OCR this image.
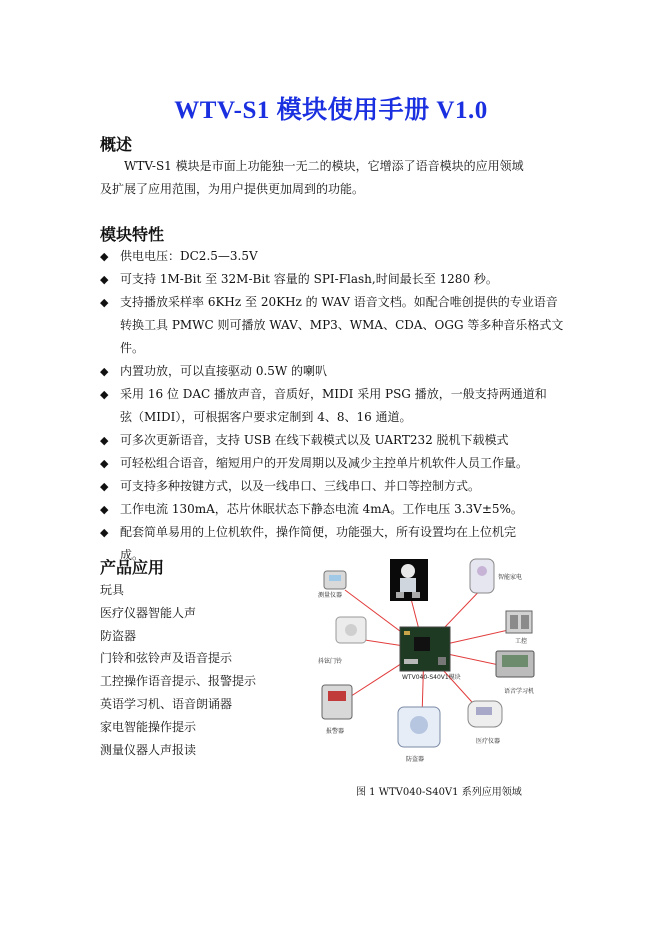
WTV-S1 模块使用手册 V1.0
概述
WTV-S1 模块是市面上功能独一无二的模块，它增添了语音模块的应用领域
及扩展了应用范围，为用户提供更加周到的功能。
模块特性
◆ 供电电压：DC2.5—3.5V
◆ 可支持 1M-Bit 至 32M-Bit 容量的 SPI-Flash,时间最长至 1280 秒。
◆ 支持播放采样率 6KHz 至 20KHz 的 WAV 语音文档。如配合唯创提供的专业语音
转换工具 PMWC 则可播放 WAV、MP3、WMA、CDA、OGG 等多种音乐格式文件。
◆ 内置功放，可以直接驱动 0.5W 的喇叭
◆ 采用 16 位 DAC 播放声音，音质好，MIDI 采用 PSG 播放，一般支持两通道和
弦（MIDI），可根据客户要求定制到 4、8、16 通道。
◆ 可多次更新语音，支持 USB 在线下载模式以及 UART232 脱机下载模式
◆ 可轻松组合语音，缩短用户的开发周期以及减少主控单片机软件人员工作量。
◆ 可支持多种按键方式，以及一线串口、三线串口、并口等控制方式。
◆ 工作电流 130mA，芯片休眠状态下静态电流 4mA。工作电压 3.3V±5%。
◆ 配套简单易用的上位机软件，操作简便，功能强大，所有设置均在上位机完
成。
产品应用
玩具
医疗仪器智能人声
防盗器
门铃和弦铃声及语音提示
工控操作语音提示、报警提示
英语学习机、语音朗诵器
家电智能操作提示
测量仪器人声报读
WTV040-S40V1模块
测量仪器
智能家电
工控
抖铉门铃
语音学习机
报警器
防盗器
医疗仪器
图 1 WTV040-S40V1 系列应用领域
